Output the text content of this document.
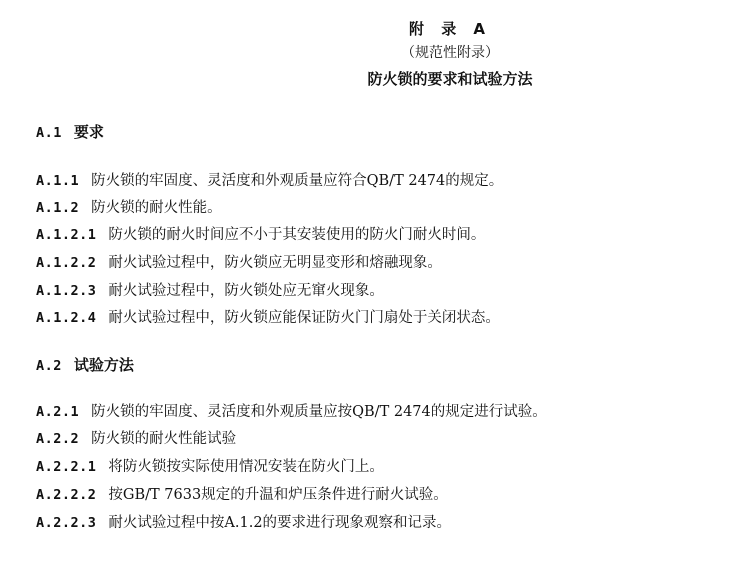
附 录 A
（规范性附录）
防火锁的要求和试验方法
A.1 要求
A.1.1 防火锁的牢固度、灵活度和外观质量应符合QB/T 2474的规定。
A.1.2 防火锁的耐火性能。
A.1.2.1 防火锁的耐火时间应不小于其安装使用的防火门耐火时间。
A.1.2.2 耐火试验过程中，防火锁应无明显变形和熔融现象。
A.1.2.3 耐火试验过程中，防火锁处应无窜火现象。
A.1.2.4 耐火试验过程中，防火锁应能保证防火门门扇处于关闭状态。
A.2 试验方法
A.2.1 防火锁的牢固度、灵活度和外观质量应按QB/T 2474的规定进行试验。
A.2.2 防火锁的耐火性能试验
A.2.2.1 将防火锁按实际使用情况安装在防火门上。
A.2.2.2 按GB/T 7633规定的升温和炉压条件进行耐火试验。
A.2.2.3 耐火试验过程中按A.1.2的要求进行现象观察和记录。
